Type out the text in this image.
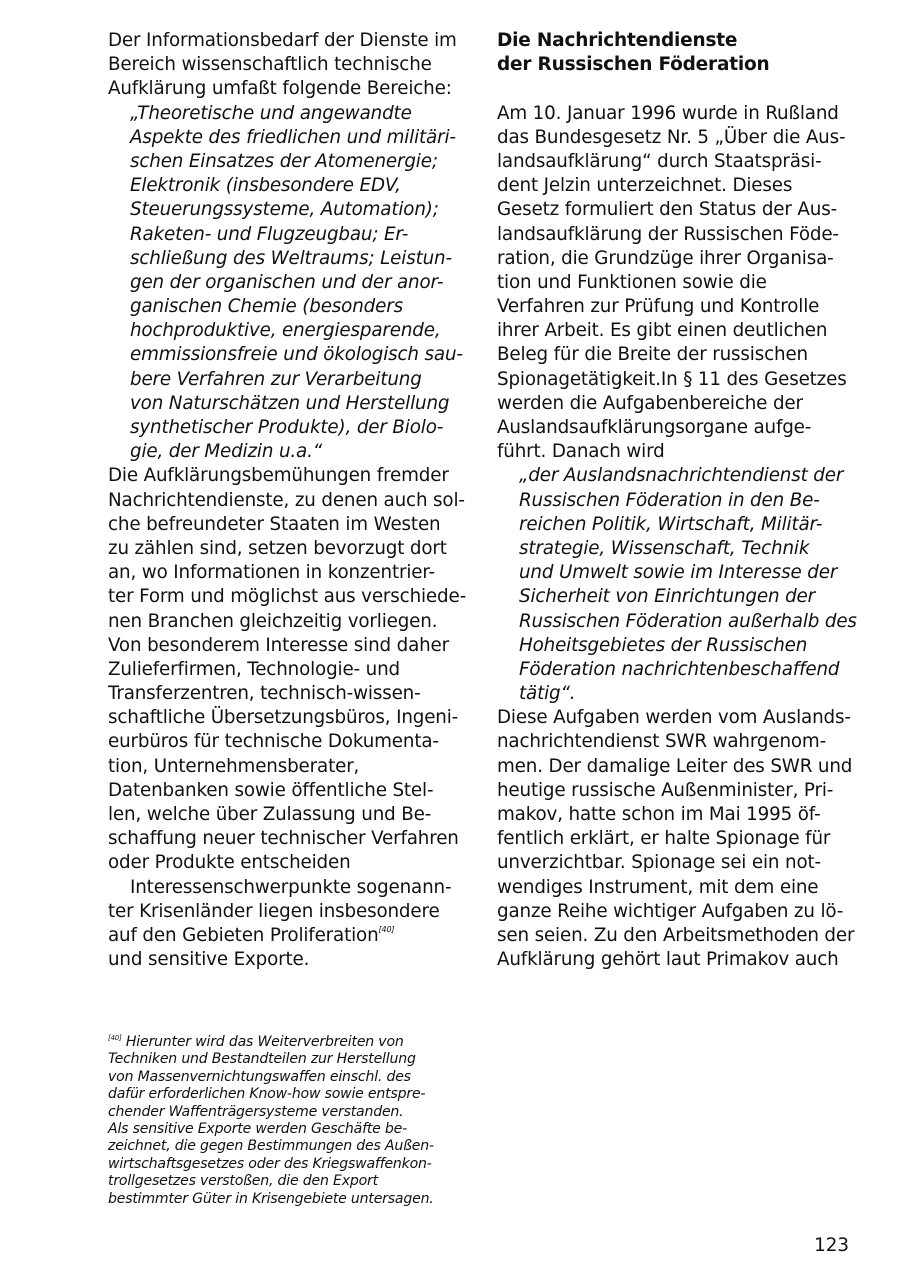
Der Informationsbedarf der Dienste im
Bereich wissenschaftlich technische
Aufklärung umfaßt folgende Bereiche:
„Theoretische und angewandte
Aspekte des friedlichen und militäri-
schen Einsatzes der Atomenergie;
Elektronik (insbesondere EDV,
Steuerungssysteme, Automation);
Raketen- und Flugzeugbau; Er-
schließung des Weltraums; Leistun-
gen der organischen und der anor-
ganischen Chemie (besonders
hochproduktive, energiesparende,
emmissionsfreie und ökologisch sau-
bere Verfahren zur Verarbeitung
von Naturschätzen und Herstellung
synthetischer Produkte), der Biolo-
gie, der Medizin u.a.“
Die Aufklärungsbemühungen fremder
Nachrichtendienste, zu denen auch sol-
che befreundeter Staaten im Westen
zu zählen sind, setzen bevorzugt dort
an, wo Informationen in konzentrier-
ter Form und möglichst aus verschiede-
nen Branchen gleichzeitig vorliegen.
Von besonderem Interesse sind daher
Zulieferfirmen, Technologie- und
Transferzentren, technisch-wissen-
schaftliche Übersetzungsbüros, Ingeni-
eurbüros für technische Dokumenta-
tion, Unternehmensberater,
Datenbanken sowie öffentliche Stel-
len, welche über Zulassung und Be-
schaffung neuer technischer Verfahren
oder Produkte entscheiden
Interessenschwerpunkte sogenann-
ter Krisenländer liegen insbesondere
auf den Gebieten Proliferation[40]
und sensitive Exporte.
[40] Hierunter wird das Weiterverbreiten von
Techniken und Bestandteilen zur Herstellung
von Massenvernichtungswaffen einschl. des
dafür erforderlichen Know-how sowie entspre-
chender Waffenträgersysteme verstanden.
Als sensitive Exporte werden Geschäfte be-
zeichnet, die gegen Bestimmungen des Außen-
wirtschaftsgesetzes oder des Kriegswaffenkon-
trollgesetzes verstoßen, die den Export
bestimmter Güter in Krisengebiete untersagen.
Die Nachrichtendienste
der Russischen Föderation
Am 10. Januar 1996 wurde in Rußland
das Bundesgesetz Nr. 5 „Über die Aus-
landsaufklärung“ durch Staatspräsi-
dent Jelzin unterzeichnet. Dieses
Gesetz formuliert den Status der Aus-
landsaufklärung der Russischen Föde-
ration, die Grundzüge ihrer Organisa-
tion und Funktionen sowie die
Verfahren zur Prüfung und Kontrolle
ihrer Arbeit. Es gibt einen deutlichen
Beleg für die Breite der russischen
Spionagetätigkeit.In § 11 des Gesetzes
werden die Aufgabenbereiche der
Auslandsaufklärungsorgane aufge-
führt. Danach wird
„der Auslandsnachrichtendienst der
Russischen Föderation in den Be-
reichen Politik, Wirtschaft, Militär-
strategie, Wissenschaft, Technik
und Umwelt sowie im Interesse der
Sicherheit von Einrichtungen der
Russischen Föderation außerhalb des
Hoheitsgebietes der Russischen
Föderation nachrichtenbeschaffend
tätig“.
Diese Aufgaben werden vom Auslands-
nachrichtendienst SWR wahrgenom-
men. Der damalige Leiter des SWR und
heutige russische Außenminister, Pri-
makov, hatte schon im Mai 1995 öf-
fentlich erklärt, er halte Spionage für
unverzichtbar. Spionage sei ein not-
wendiges Instrument, mit dem eine
ganze Reihe wichtiger Aufgaben zu lö-
sen seien. Zu den Arbeitsmethoden der
Aufklärung gehört laut Primakov auch
123
